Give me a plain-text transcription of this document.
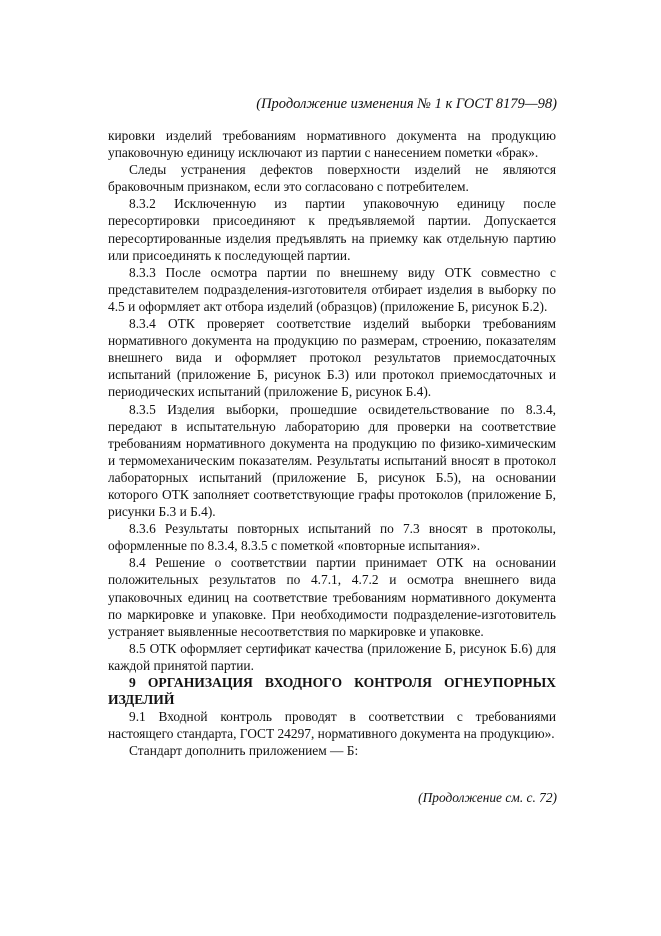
(Продолжение изменения № 1 к ГОСТ 8179—98)

кировки изделий требованиям нормативного документа на продукцию упаковочную единицу исключают из партии с нанесением пометки «брак».

Следы устранения дефектов поверхности изделий не являются браковочным признаком, если это согласовано с потребителем.

8.3.2 Исключенную из партии упаковочную единицу после пересортировки присоединяют к предъявляемой партии. Допускается пересортированные изделия предъявлять на приемку как отдельную партию или присоединять к последующей партии.

8.3.3 После осмотра партии по внешнему виду ОТК совместно с представителем подразделения-изготовителя отбирает изделия в выборку по 4.5 и оформляет акт отбора изделий (образцов) (приложение Б, рисунок Б.2).

8.3.4 ОТК проверяет соответствие изделий выборки требованиям нормативного документа на продукцию по размерам, строению, показателям внешнего вида и оформляет протокол результатов приемосдаточных испытаний (приложение Б, рисунок Б.3) или протокол приемосдаточных и периодических испытаний (приложение Б, рисунок Б.4).

8.3.5 Изделия выборки, прошедшие освидетельствование по 8.3.4, передают в испытательную лабораторию для проверки на соответствие требованиям нормативного документа на продукцию по физико-химическим и термомеханическим показателям. Результаты испытаний вносят в протокол лабораторных испытаний (приложение Б, рисунок Б.5), на основании которого ОТК заполняет соответствующие графы протоколов (приложение Б, рисунки Б.3 и Б.4).

8.3.6 Результаты повторных испытаний по 7.3 вносят в протоколы, оформленные по 8.3.4, 8.3.5 с пометкой «повторные испытания».

8.4 Решение о соответствии партии принимает ОТК на основании положительных результатов по 4.7.1, 4.7.2 и осмотра внешнего вида упаковочных единиц на соответствие требованиям нормативного документа по маркировке и упаковке. При необходимости подразделение-изготовитель устраняет выявленные несоответствия по маркировке и упаковке.

8.5 ОТК оформляет сертификат качества (приложение Б, рисунок Б.6) для каждой принятой партии.

9 ОРГАНИЗАЦИЯ ВХОДНОГО КОНТРОЛЯ ОГНЕУПОРНЫХ ИЗДЕЛИЙ

9.1 Входной контроль проводят в соответствии с требованиями настоящего стандарта, ГОСТ 24297, нормативного документа на продукцию».

Стандарт дополнить приложением — Б:

(Продолжение см. с. 72)
